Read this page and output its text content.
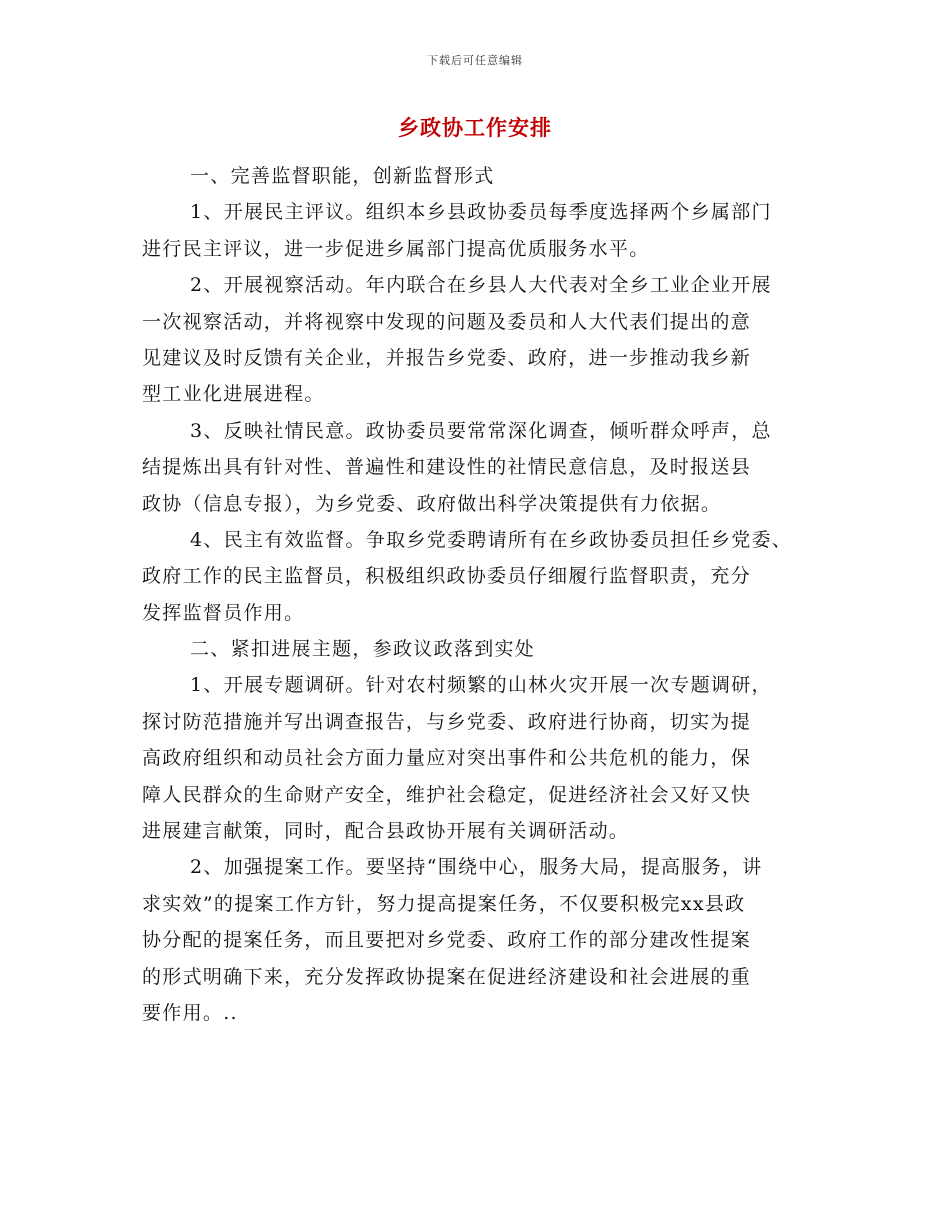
下载后可任意编辑
乡政协工作安排
一、完善监督职能，创新监督形式
1、开展民主评议。组织本乡县政协委员每季度选择两个乡属部门
进行民主评议，进一步促进乡属部门提高优质服务水平。
2、开展视察活动。年内联合在乡县人大代表对全乡工业企业开展
一次视察活动，并将视察中发现的问题及委员和人大代表们提出的意
见建议及时反馈有关企业，并报告乡党委、政府，进一步推动我乡新
型工业化进展进程。
3、反映社情民意。政协委员要常常深化调查，倾听群众呼声，总
结提炼出具有针对性、普遍性和建设性的社情民意信息，及时报送县
政协（信息专报），为乡党委、政府做出科学决策提供有力依据。
4、民主有效监督。争取乡党委聘请所有在乡政协委员担任乡党委、
政府工作的民主监督员，积极组织政协委员仔细履行监督职责，充分
发挥监督员作用。
二、紧扣进展主题，参政议政落到实处
1、开展专题调研。针对农村频繁的山林火灾开展一次专题调研，
探讨防范措施并写出调查报告，与乡党委、政府进行协商，切实为提
高政府组织和动员社会方面力量应对突出事件和公共危机的能力，保
障人民群众的生命财产安全，维护社会稳定，促进经济社会又好又快
进展建言献策，同时，配合县政协开展有关调研活动。
2、加强提案工作。要坚持“围绕中心，服务大局，提高服务，讲
求实效”的提案工作方针，努力提高提案任务，不仅要积极完xx县政
协分配的提案任务，而且要把对乡党委、政府工作的部分建改性提案
的形式明确下来，充分发挥政协提案在促进经济建设和社会进展的重
要作用。..
